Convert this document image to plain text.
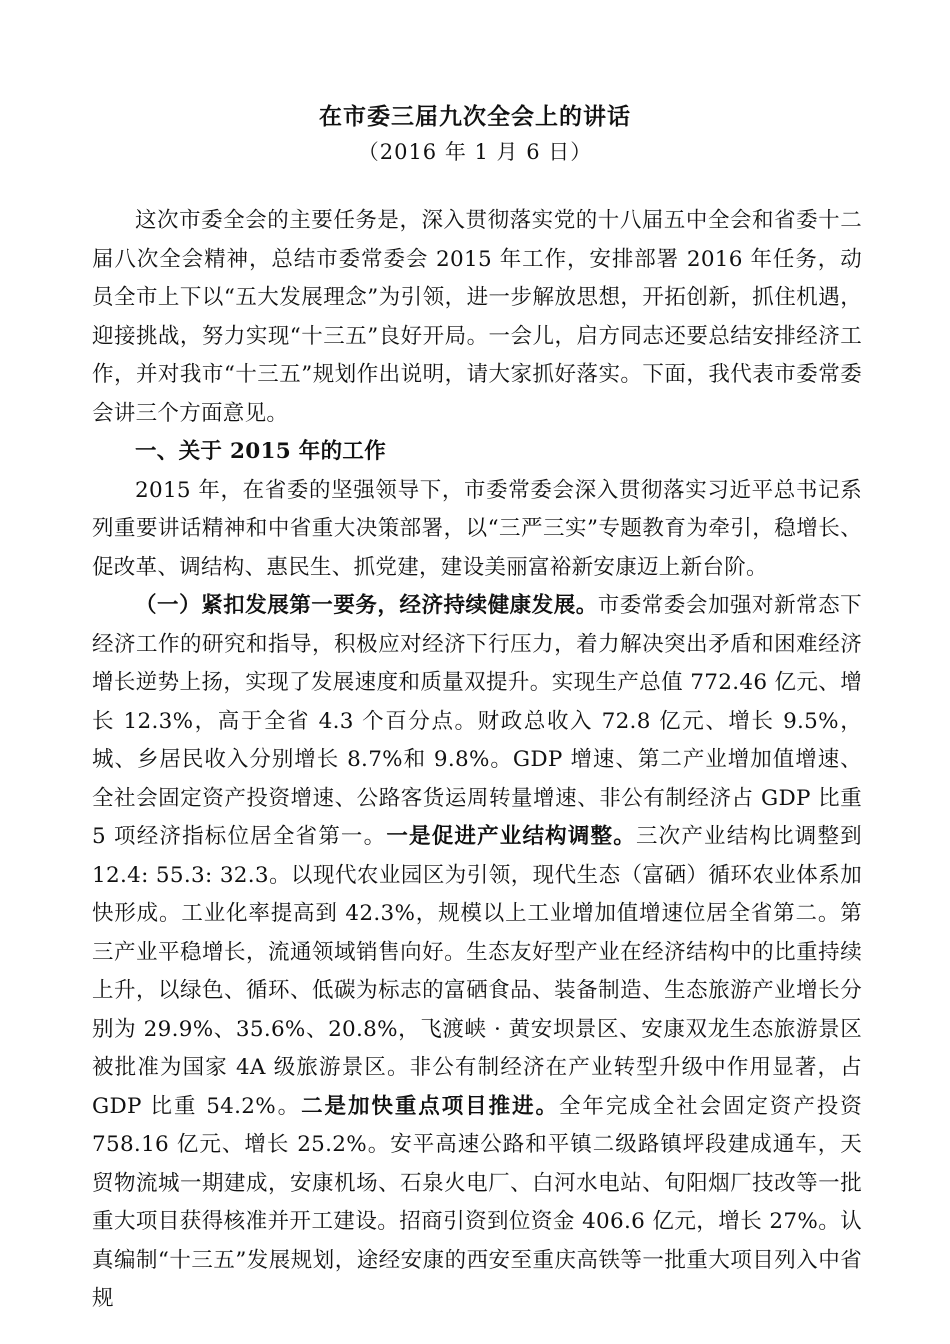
在市委三届九次全会上的讲话
（2016 年 1 月 6 日）

这次市委全会的主要任务是，深入贯彻落实党的十八届五中全会和省委十二届八次全会精神，总结市委常委会 2015 年工作，安排部署 2016 年任务，动员全市上下以“五大发展理念”为引领，进一步解放思想，开拓创新，抓住机遇，迎接挑战，努力实现“十三五”良好开局。一会儿，启方同志还要总结安排经济工作，并对我市“十三五”规划作出说明，请大家抓好落实。下面，我代表市委常委会讲三个方面意见。

一、关于 2015 年的工作

2015 年，在省委的坚强领导下，市委常委会深入贯彻落实习近平总书记系列重要讲话精神和中省重大决策部署，以“三严三实”专题教育为牵引，稳增长、促改革、调结构、惠民生、抓党建，建设美丽富裕新安康迈上新台阶。

（一）紧扣发展第一要务，经济持续健康发展。市委常委会加强对新常态下经济工作的研究和指导，积极应对经济下行压力，着力解决突出矛盾和困难经济增长逆势上扬，实现了发展速度和质量双提升。实现生产总值 772.46 亿元、增长 12.3%，高于全省 4.3 个百分点。财政总收入 72.8 亿元、增长 9.5%，城、乡居民收入分别增长 8.7%和 9.8%。GDP 增速、第二产业增加值增速、全社会固定资产投资增速、公路客货运周转量增速、非公有制经济占 GDP 比重 5 项经济指标位居全省第一。一是促进产业结构调整。三次产业结构比调整到 12.4: 55.3: 32.3。以现代农业园区为引领，现代生态（富硒）循环农业体系加快形成。工业化率提高到 42.3%，规模以上工业增加值增速位居全省第二。第三产业平稳增长，流通领域销售向好。生态友好型产业在经济结构中的比重持续上升，以绿色、循环、低碳为标志的富硒食品、装备制造、生态旅游产业增长分别为 29.9%、35.6%、20.8%，飞渡峡 · 黄安坝景区、安康双龙生态旅游景区被批准为国家 4A 级旅游景区。非公有制经济在产业转型升级中作用显著，占 GDP 比重 54.2%。二是加快重点项目推进。全年完成全社会固定资产投资 758.16 亿元、增长 25.2%。安平高速公路和平镇二级路镇坪段建成通车，天贸物流城一期建成，安康机场、石泉火电厂、白河水电站、旬阳烟厂技改等一批重大项目获得核准并开工建设。招商引资到位资金 406.6 亿元，增长 27%。认真编制“十三五”发展规划，途经安康的西安至重庆高铁等一批重大项目列入中省规
